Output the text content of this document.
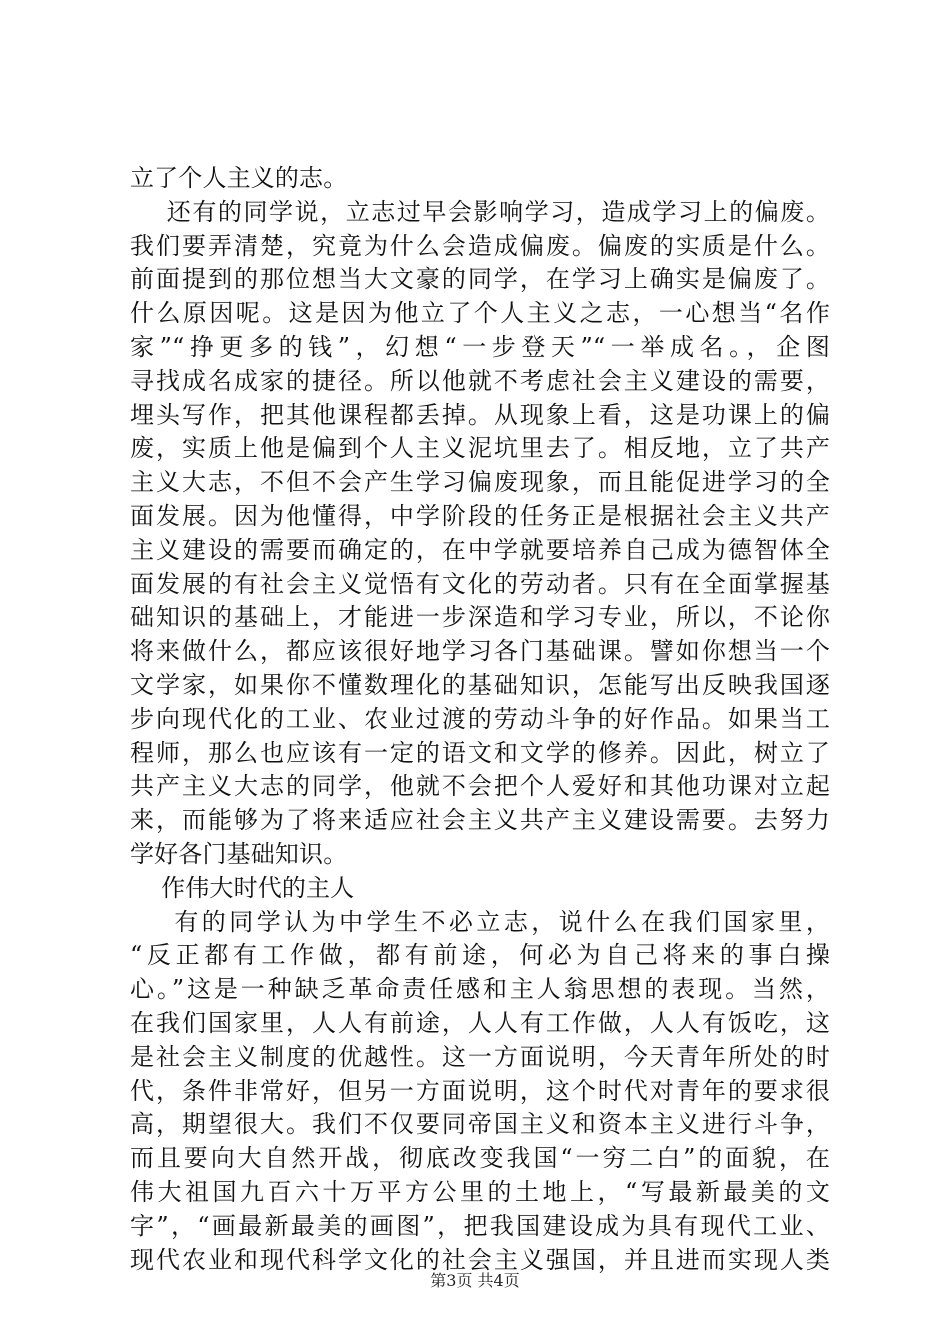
立了个人主义的志。
还有的同学说，立志过早会影响学习，造成学习上的偏废。
我们要弄清楚，究竟为什么会造成偏废。偏废的实质是什么。
前面提到的那位想当大文豪的同学，在学习上确实是偏废了。
什么原因呢。这是因为他立了个人主义之志，一心想当“名作
家”“挣更多的钱”，幻想“一步登天”“一举成名。，企图
寻找成名成家的捷径。所以他就不考虑社会主义建设的需要，
埋头写作，把其他课程都丢掉。从现象上看，这是功课上的偏
废，实质上他是偏到个人主义泥坑里去了。相反地，立了共产
主义大志，不但不会产生学习偏废现象，而且能促进学习的全
面发展。因为他懂得，中学阶段的任务正是根据社会主义共产
主义建设的需要而确定的，在中学就要培养自己成为德智体全
面发展的有社会主义觉悟有文化的劳动者。只有在全面掌握基
础知识的基础上，才能进一步深造和学习专业，所以，不论你
将来做什么，都应该很好地学习各门基础课。譬如你想当一个
文学家，如果你不懂数理化的基础知识，怎能写出反映我国逐
步向现代化的工业、农业过渡的劳动斗争的好作品。如果当工
程师，那么也应该有一定的语文和文学的修养。因此，树立了
共产主义大志的同学，他就不会把个人爱好和其他功课对立起
来，而能够为了将来适应社会主义共产主义建设需要。去努力
学好各门基础知识。
作伟大时代的主人
有的同学认为中学生不必立志，说什么在我们国家里，
“反正都有工作做，都有前途，何必为自己将来的事白操
心。”这是一种缺乏革命责任感和主人翁思想的表现。当然，
在我们国家里，人人有前途，人人有工作做，人人有饭吃，这
是社会主义制度的优越性。这一方面说明，今天青年所处的时
代，条件非常好，但另一方面说明，这个时代对青年的要求很
高，期望很大。我们不仅要同帝国主义和资本主义进行斗争，
而且要向大自然开战，彻底改变我国“一穷二白”的面貌，在
伟大祖国九百六十万平方公里的土地上，“写最新最美的文
字”，“画最新最美的画图”，把我国建设成为具有现代工业、
现代农业和现代科学文化的社会主义强国，并且进而实现人类
第3页 共4页
